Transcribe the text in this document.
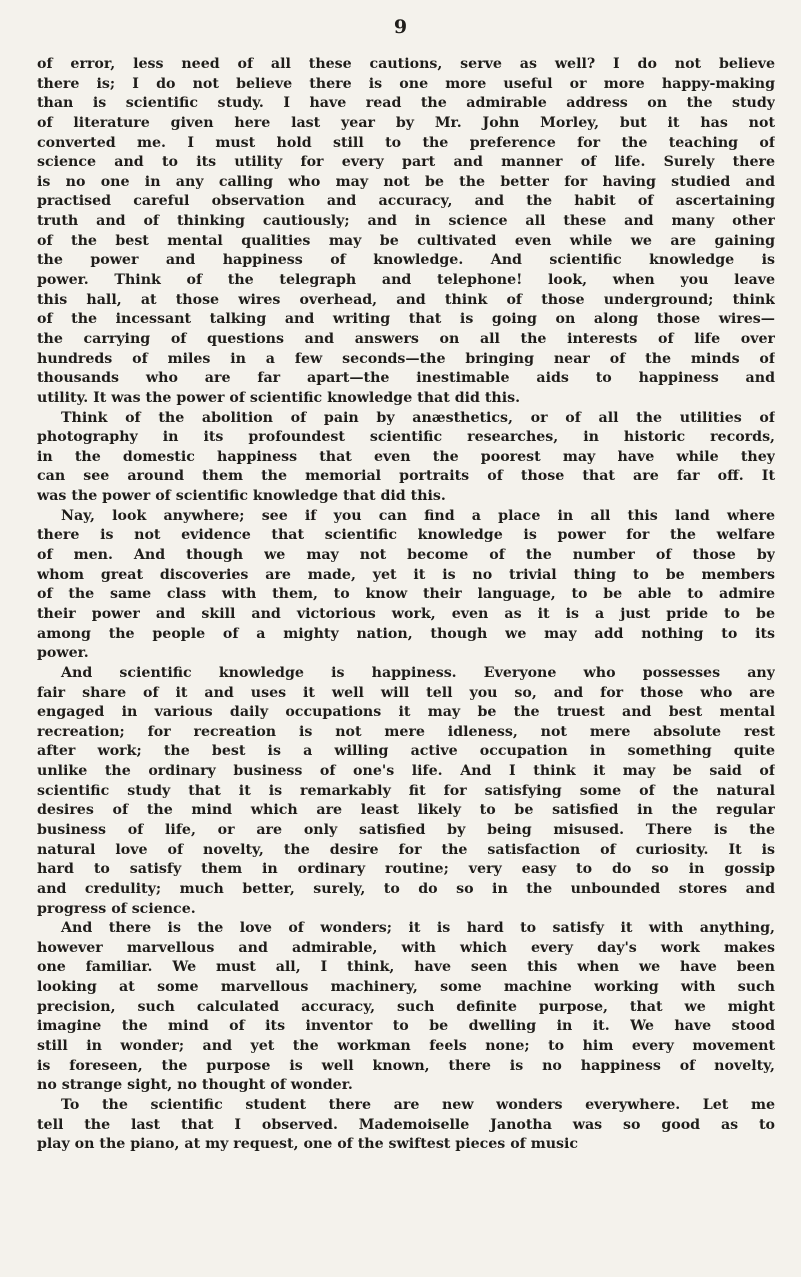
9
of error, less need of all these cautions, serve as well? I do not believe
there is; I do not believe there is one more useful or more happy-making
than is scientific study. I have read the admirable address on the study
of literature given here last year by Mr. John Morley, but it has not
converted me. I must hold still to the preference for the teaching of
science and to its utility for every part and manner of life. Surely there
is no one in any calling who may not be the better for having studied and
practised careful observation and accuracy, and the habit of ascertaining
truth and of thinking cautiously; and in science all these and many other
of the best mental qualities may be cultivated even while we are gaining
the power and happiness of knowledge. And scientific knowledge is
power. Think of the telegraph and telephone! look, when you leave
this hall, at those wires overhead, and think of those underground; think
of the incessant talking and writing that is going on along those wires—
the carrying of questions and answers on all the interests of life over
hundreds of miles in a few seconds—the bringing near of the minds of
thousands who are far apart—the inestimable aids to happiness and
utility. It was the power of scientific knowledge that did this.
Think of the abolition of pain by anæsthetics, or of all the utilities of
photography in its profoundest scientific researches, in historic records,
in the domestic happiness that even the poorest may have while they
can see around them the memorial portraits of those that are far off. It
was the power of scientific knowledge that did this.
Nay, look anywhere; see if you can find a place in all this land where
there is not evidence that scientific knowledge is power for the welfare
of men. And though we may not become of the number of those by
whom great discoveries are made, yet it is no trivial thing to be members
of the same class with them, to know their language, to be able to admire
their power and skill and victorious work, even as it is a just pride to be
among the people of a mighty nation, though we may add nothing to its
power.
And scientific knowledge is happiness. Everyone who possesses any
fair share of it and uses it well will tell you so, and for those who are
engaged in various daily occupations it may be the truest and best mental
recreation; for recreation is not mere idleness, not mere absolute rest
after work; the best is a willing active occupation in something quite
unlike the ordinary business of one's life. And I think it may be said of
scientific study that it is remarkably fit for satisfying some of the natural
desires of the mind which are least likely to be satisfied in the regular
business of life, or are only satisfied by being misused. There is the
natural love of novelty, the desire for the satisfaction of curiosity. It is
hard to satisfy them in ordinary routine; very easy to do so in gossip
and credulity; much better, surely, to do so in the unbounded stores and
progress of science.
And there is the love of wonders; it is hard to satisfy it with anything,
however marvellous and admirable, with which every day's work makes
one familiar. We must all, I think, have seen this when we have been
looking at some marvellous machinery, some machine working with such
precision, such calculated accuracy, such definite purpose, that we might
imagine the mind of its inventor to be dwelling in it. We have stood
still in wonder; and yet the workman feels none; to him every movement
is foreseen, the purpose is well known, there is no happiness of novelty,
no strange sight, no thought of wonder.
To the scientific student there are new wonders everywhere. Let me
tell the last that I observed. Mademoiselle Janotha was so good as to
play on the piano, at my request, one of the swiftest pieces of music
